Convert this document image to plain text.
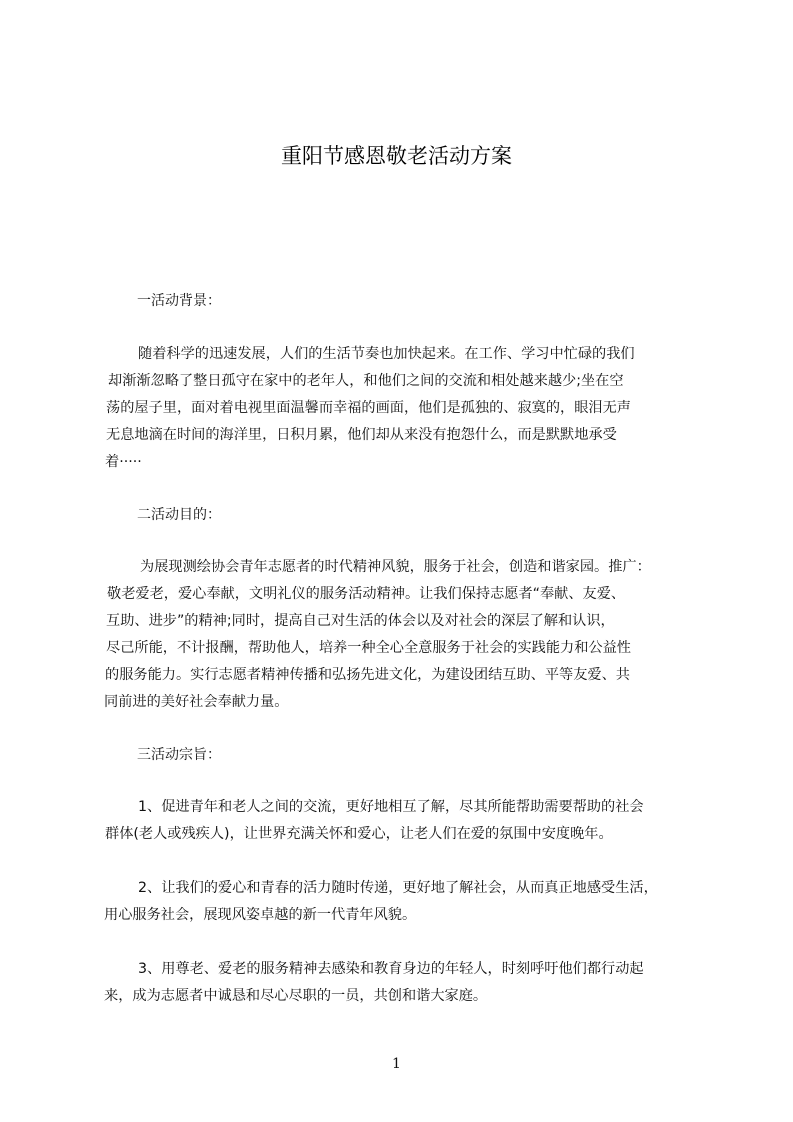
重阳节感恩敬老活动方案

一活动背景：

随着科学的迅速发展，人们的生活节奏也加快起来。在工作、学习中忙碌的我们

却渐渐忽略了整日孤守在家中的老年人，和他们之间的交流和相处越来越少;坐在空

荡的屋子里，面对着电视里面温馨而幸福的画面，他们是孤独的、寂寞的，眼泪无声

无息地滴在时间的海洋里，日积月累，他们却从来没有抱怨什么，而是默默地承受

着·····

二活动目的：

为展现测绘协会青年志愿者的时代精神风貌，服务于社会，创造和谐家园。推广：

敬老爱老，爱心奉献，文明礼仪的服务活动精神。让我们保持志愿者“奉献、友爱、

互助、进步”的精神;同时，提高自己对生活的体会以及对社会的深层了解和认识，

尽己所能，不计报酬，帮助他人，培养一种全心全意服务于社会的实践能力和公益性

的服务能力。实行志愿者精神传播和弘扬先进文化，为建设团结互助、平等友爱、共

同前进的美好社会奉献力量。

三活动宗旨：

1、促进青年和老人之间的交流，更好地相互了解，尽其所能帮助需要帮助的社会

群体(老人或残疾人)，让世界充满关怀和爱心，让老人们在爱的氛围中安度晚年。

2、让我们的爱心和青春的活力随时传递，更好地了解社会，从而真正地感受生活，

用心服务社会，展现风姿卓越的新一代青年风貌。

3、用尊老、爱老的服务精神去感染和教育身边的年轻人，时刻呼吁他们都行动起

来，成为志愿者中诚恳和尽心尽职的一员，共创和谐大家庭。

1
